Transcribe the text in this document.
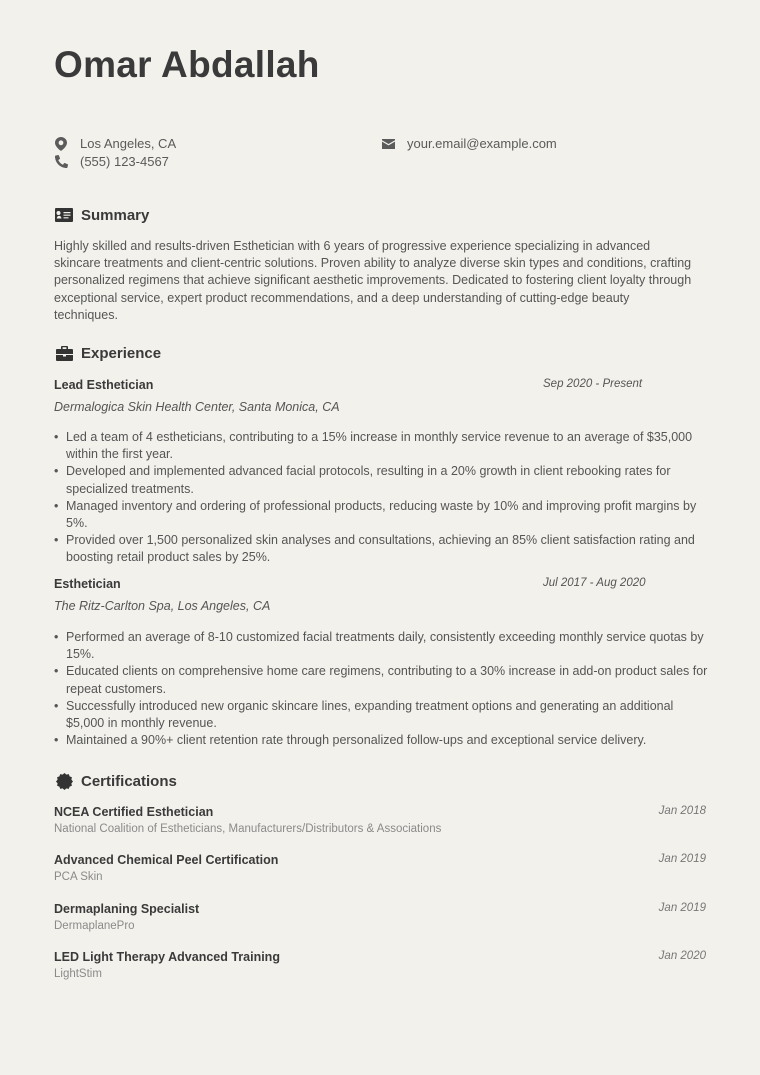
Omar Abdallah
Los Angeles, CA
(555) 123-4567
your.email@example.com
Summary

Highly skilled and results-driven Esthetician with 6 years of progressive experience specializing in advanced skincare treatments and client-centric solutions. Proven ability to analyze diverse skin types and conditions, crafting personalized regimens that achieve significant aesthetic improvements. Dedicated to fostering client loyalty through exceptional service, expert product recommendations, and a deep understanding of cutting-edge beauty techniques.

Experience
Lead Esthetician	Sep 2020 - Present
Dermalogica Skin Health Center, Santa Monica, CA
• Led a team of 4 estheticians, contributing to a 15% increase in monthly service revenue to an average of $35,000 within the first year.
• Developed and implemented advanced facial protocols, resulting in a 20% growth in client rebooking rates for specialized treatments.
• Managed inventory and ordering of professional products, reducing waste by 10% and improving profit margins by 5%.
• Provided over 1,500 personalized skin analyses and consultations, achieving an 85% client satisfaction rating and boosting retail product sales by 25%.
Esthetician	Jul 2017 - Aug 2020
The Ritz-Carlton Spa, Los Angeles, CA
• Performed an average of 8-10 customized facial treatments daily, consistently exceeding monthly service quotas by 15%.
• Educated clients on comprehensive home care regimens, contributing to a 30% increase in add-on product sales for repeat customers.
• Successfully introduced new organic skincare lines, expanding treatment options and generating an additional $5,000 in monthly revenue.
• Maintained a 90%+ client retention rate through personalized follow-ups and exceptional service delivery.
Certifications
NCEA Certified Esthetician
National Coalition of Estheticians, Manufacturers/Distributors & Associations
Jan 2018
Advanced Chemical Peel Certification
PCA Skin
Jan 2019
Dermaplaning Specialist
DermaplanePro
Jan 2019
LED Light Therapy Advanced Training
LightStim
Jan 2020
